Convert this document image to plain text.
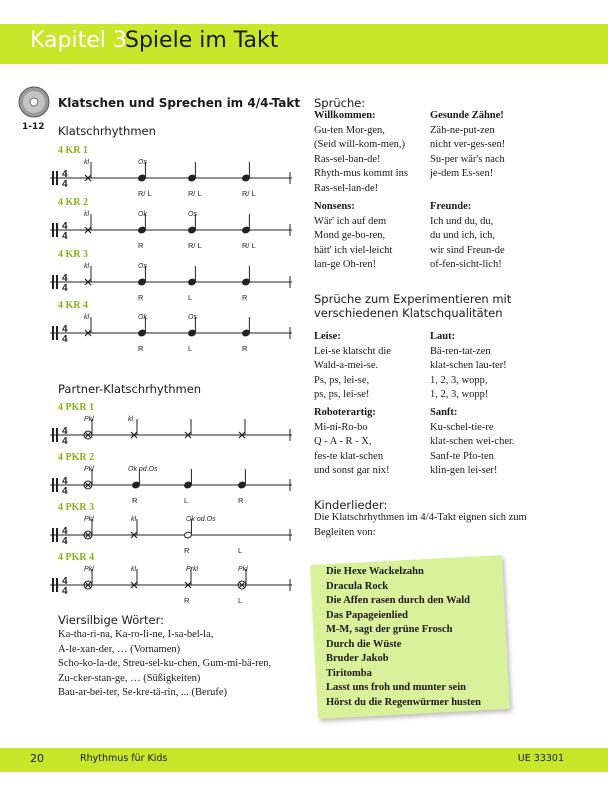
Kapitel 3
Spiele im Takt
1-12
Klatschen und Sprechen im 4/4-Takt
Klatschrhythmen
4 KR 1
4
4
kl	Os
R/ L	R/ L	R/ L
4 KR 2
4
4
kl	Ok	Os
R	R/ L	R/ L
4 KR 3
4
4
kl	Os
R	L	R
4 KR 4
4
4
kl	Ok	Os
R	L	R
4 PKR 1
4
4
Pkl	kl
4 PKR 2
4
4
Pkl	Ok od.Os
R	L	R
4 PKR 3
4
4
Pkl	kl	Ok od.Os
R	L
4 PKR 4
4
4
Pkl	kl	Prkl	Pkl
R	L
Partner-Klatschrhythmen
Viersilbige Wörter:
Ka-tha-ri-na, Ka-ro-li-ne, I-sa-bel-la,
A-le-xan-der, … (Vornamen)
Scho-ko-la-de, Streu-sel-ku-chen, Gum-mi-bä-ren,
Zu-cker-stan-ge, … (Süßigkeiten)
Bau-ar-bei-ter, Se-kre-tä-rin, ... (Berufe)
Sprüche:
Willkommen:
Gu-ten Mor-gen,
(Seid will-kom-men,)
Ras-sel-ban-de!
Rhyth-mus kommt ins
Ras-sel-lan-de!
Gesunde Zähne!
Zäh-ne-put-zen
nicht ver-ges-sen!
Su-per wär's nach
je-dem Es-sen!
Nonsens:
Wär' ich auf dem
Mond ge-bo-ren,
hätt' ich viel-leicht
lan-ge Oh-ren!
Freunde:
Ich und du, du,
du und ich, ich,
wir sind Freun-de
of-fen-sicht-lich!
Sprüche zum Experimentieren mit
verschiedenen Klatschqualitäten
Leise:
Lei-se klatscht die
Wald-a-mei-se.
Ps, ps, lei-se,
ps, ps, lei-se!
Laut:
Bä-ren-tat-zen
klat-schen lau-ter!
1, 2, 3, wopp,
1, 2, 3, wopp!
Roboterartig:
Mi-ni-Ro-bo
Q - A - R - X,
fes-te klat-schen
und sonst gar nix!
Sanft:
Ku-schel-tie-re
klat-schen wei-cher.
Sanf-te Pfo-ten
klin-gen lei-ser!
Kinderlieder:
Die Klatschrhythmen im 4/4-Takt eignen sich zum
Begleiten von:
Die Hexe Wackelzahn
Dracula Rock
Die Affen rasen durch den Wald
Das Papageienlied
M-M, sagt der grüne Frosch
Durch die Wüste
Bruder Jakob
Tiritomba
Lasst uns froh und munter sein
Hörst du die Regenwürmer husten
20	Rhythmus für Kids	UE 33301
